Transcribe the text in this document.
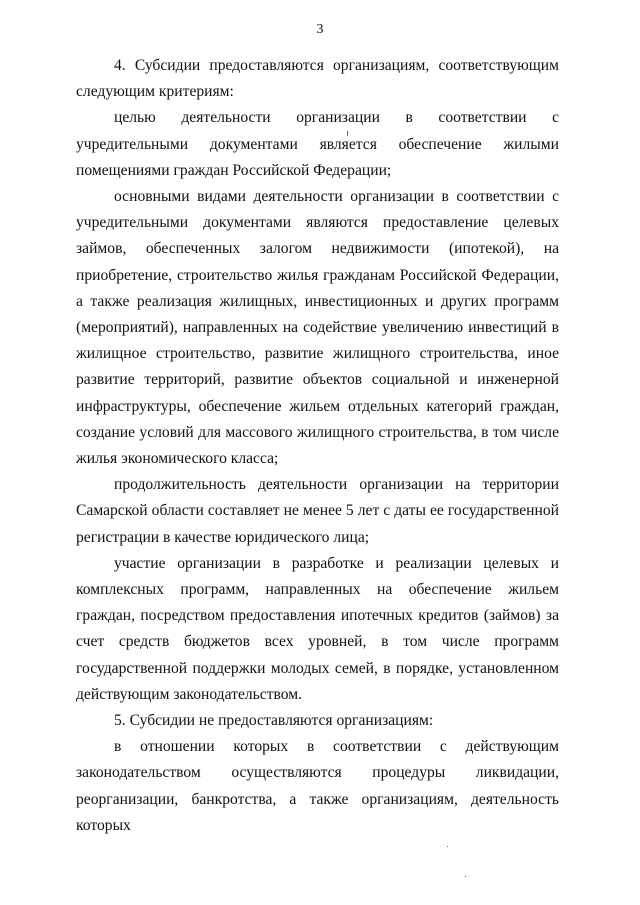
3

4. Субсидии предоставляются организациям, соответствующим следующим критериям:

целью деятельности организации в соответствии с учредительными документами является обеспечение жилыми помещениями граждан Российской Федерации;

основными видами деятельности организации в соответствии с учредительными документами являются предоставление целевых займов, обеспеченных залогом недвижимости (ипотекой), на приобретение, строительство жилья гражданам Российской Федерации, а также реализация жилищных, инвестиционных и других программ (мероприятий), направленных на содействие увеличению инвестиций в жилищное строительство, развитие жилищного строительства, иное развитие территорий, развитие объектов социальной и инженерной инфраструктуры, обеспечение жильем отдельных категорий граждан, создание условий для массового жилищного строительства, в том числе жилья экономического класса;

продолжительность деятельности организации на территории Самарской области составляет не менее 5 лет с даты ее государственной регистрации в качестве юридического лица;

участие организации в разработке и реализации целевых и комплексных программ, направленных на обеспечение жильем граждан, посредством предоставления ипотечных кредитов (займов) за счет средств бюджетов всех уровней, в том числе программ государственной поддержки молодых семей, в порядке, установленном действующим законодательством.

5. Субсидии не предоставляются организациям:

в отношении которых в соответствии с действующим законодательством осуществляются процедуры ликвидации, реорганизации, банкротства, а также организациям, деятельность которых
